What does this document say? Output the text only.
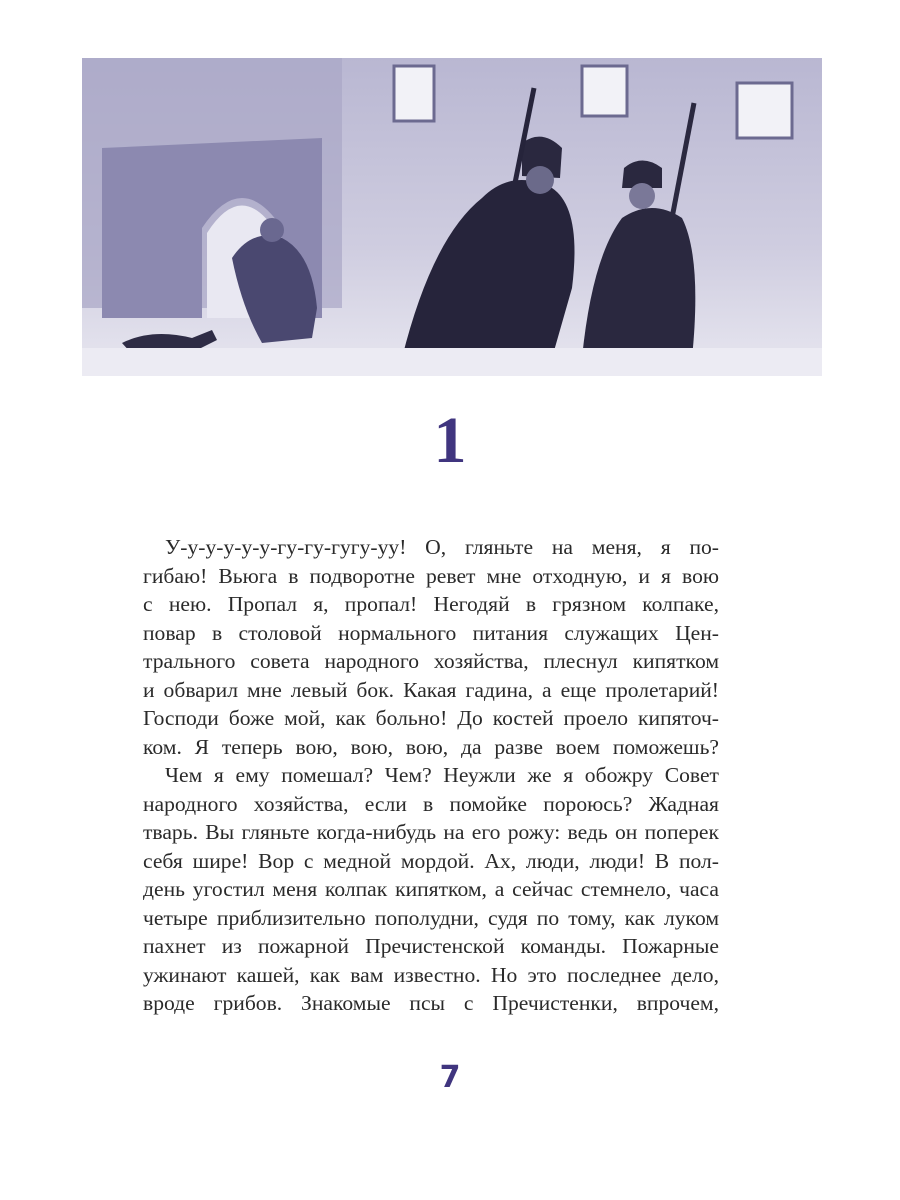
1
У-у-у-у-у-у-гу-гу-гугу-уу! О, гляньте на меня, я по-
гибаю! Вьюга в подворотне ревет мне отходную, и я вою
с нею. Пропал я, пропал! Негодяй в грязном колпаке,
повар в столовой нормального питания служащих Цен-
трального совета народного хозяйства, плеснул кипятком
и обварил мне левый бок. Какая гадина, а еще пролетарий!
Господи боже мой, как больно! До костей проело кипяточ-
ком. Я теперь вою, вою, вою, да разве воем поможешь?
Чем я ему помешал? Чем? Неужли же я обожру Совет
народного хозяйства, если в помойке пороюсь? Жадная
тварь. Вы гляньте когда-нибудь на его рожу: ведь он поперек
себя шире! Вор с медной мордой. Ах, люди, люди! В пол-
день угостил меня колпак кипятком, а сейчас стемнело, часа
четыре приблизительно пополудни, судя по тому, как луком
пахнет из пожарной Пречистенской команды. Пожарные
ужинают кашей, как вам известно. Но это последнее дело,
вроде грибов. Знакомые псы с Пречистенки, впрочем,
7
